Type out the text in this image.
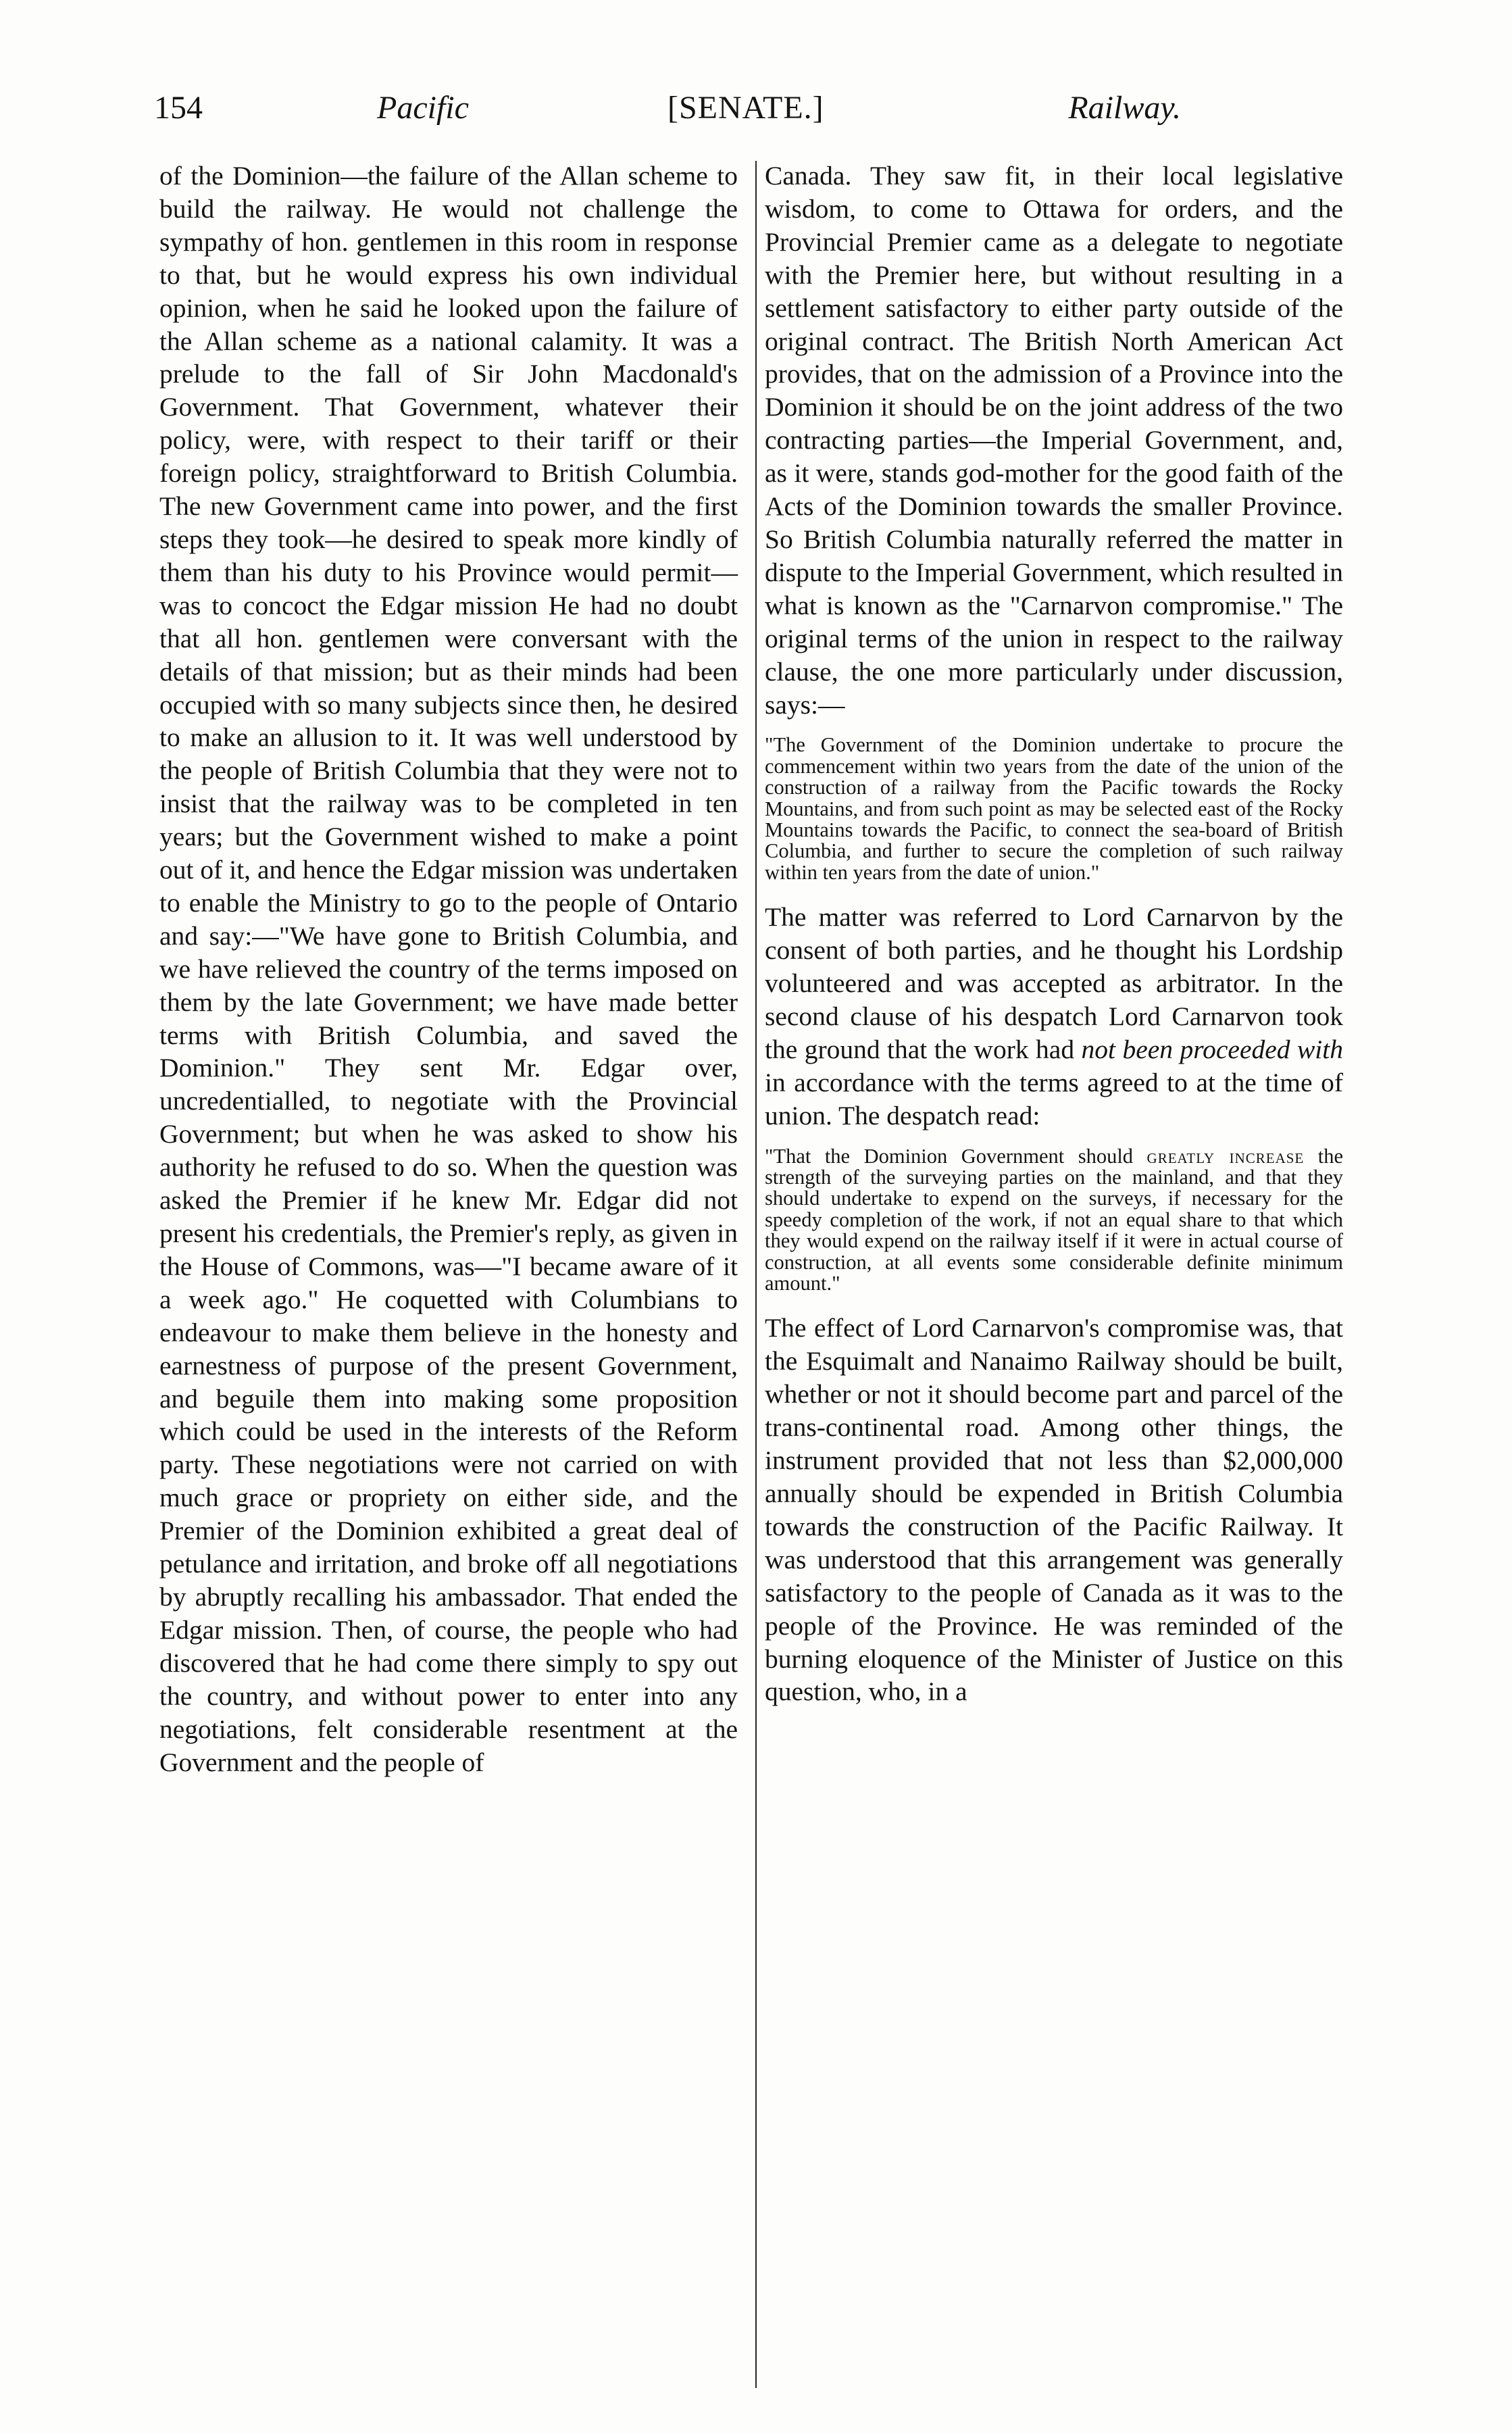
154	Pacific	[SENATE.]	Railway.

of the Dominion—the failure of the Allan scheme to build the railway. He would not challenge the sympathy of hon. gentlemen in this room in response to that, but he would express his own individual opinion, when he said he looked upon the failure of the Allan scheme as a national calamity. It was a prelude to the fall of Sir John Macdonald's Government. That Government, whatever their policy, were, with respect to their tariff or their foreign policy, straightforward to British Columbia. The new Government came into power, and the first steps they took—he desired to speak more kindly of them than his duty to his Province would permit—was to concoct the Edgar mission He had no doubt that all hon. gentlemen were conversant with the details of that mission; but as their minds had been occupied with so many subjects since then, he desired to make an allusion to it. It was well understood by the people of British Columbia that they were not to insist that the railway was to be completed in ten years; but the Government wished to make a point out of it, and hence the Edgar mission was undertaken to enable the Ministry to go to the people of Ontario and say:—"We have gone to British Columbia, and we have relieved the country of the terms imposed on them by the late Government; we have made better terms with British Columbia, and saved the Dominion." They sent Mr. Edgar over, uncredentialled, to negotiate with the Provincial Government; but when he was asked to show his authority he refused to do so. When the question was asked the Premier if he knew Mr. Edgar did not present his credentials, the Premier's reply, as given in the House of Commons, was—"I became aware of it a week ago." He coquetted with Columbians to endeavour to make them believe in the honesty and earnestness of purpose of the present Government, and beguile them into making some proposition which could be used in the interests of the Reform party. These negotiations were not carried on with much grace or propriety on either side, and the Premier of the Dominion exhibited a great deal of petulance and irritation, and broke off all negotiations by abruptly recalling his ambassador. That ended the Edgar mission. Then, of course, the people who had discovered that he had come there simply to spy out the country, and without power to enter into any negotiations, felt considerable resentment at the Government and the people of

Canada. They saw fit, in their local legislative wisdom, to come to Ottawa for orders, and the Provincial Premier came as a delegate to negotiate with the Premier here, but without resulting in a settlement satisfactory to either party outside of the original contract. The British North American Act provides, that on the admission of a Province into the Dominion it should be on the joint address of the two contracting parties—the Imperial Government, and, as it were, stands god-mother for the good faith of the Acts of the Dominion towards the smaller Province. So British Columbia naturally referred the matter in dispute to the Imperial Government, which resulted in what is known as the "Carnarvon compromise." The original terms of the union in respect to the railway clause, the one more particularly under discussion, says:—

"The Government of the Dominion undertake to procure the commencement within two years from the date of the union of the construction of a railway from the Pacific towards the Rocky Mountains, and from such point as may be selected east of the Rocky Mountains towards the Pacific, to connect the sea-board of British Columbia, and further to secure the completion of such railway within ten years from the date of union."

The matter was referred to Lord Carnarvon by the consent of both parties, and he thought his Lordship volunteered and was accepted as arbitrator. In the second clause of his despatch Lord Carnarvon took the ground that the work had not been proceeded with in accordance with the terms agreed to at the time of union. The despatch read:

"That the Dominion Government should greatly increase the strength of the surveying parties on the mainland, and that they should undertake to expend on the surveys, if necessary for the speedy completion of the work, if not an equal share to that which they would expend on the railway itself if it were in actual course of construction, at all events some considerable definite minimum amount."

The effect of Lord Carnarvon's compromise was, that the Esquimalt and Nanaimo Railway should be built, whether or not it should become part and parcel of the trans-continental road. Among other things, the instrument provided that not less than $2,000,000 annually should be expended in British Columbia towards the construction of the Pacific Railway. It was understood that this arrangement was generally satisfactory to the people of Canada as it was to the people of the Province. He was reminded of the burning eloquence of the Minister of Justice on this question, who, in a
